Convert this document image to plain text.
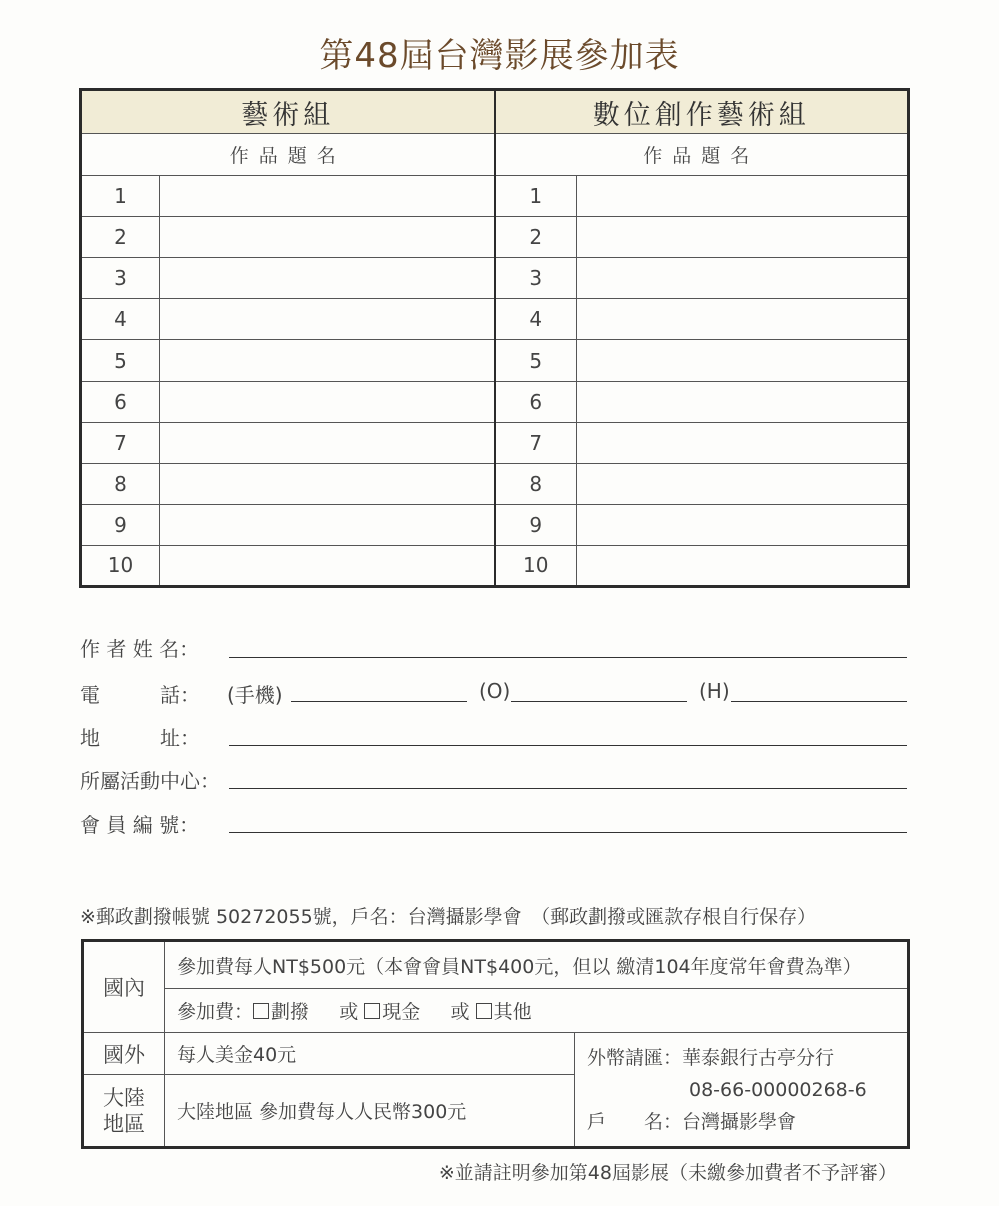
第48屆台灣影展參加表
藝術組		數位創作藝術組	
作品題名		作品題名	
1		1	
2		2	
3		3	
4		4	
5		5	
6		6	
7		7	
8		8	
9		9	
10		10	
作 者 姓 名：
電　　　話： (手機)	(O)	(H)
地　　　址：
所屬活動中心：
會 員 編 號：
※郵政劃撥帳號 50272055號，戶名：台灣攝影學會　（郵政劃撥或匯款存根自行保存）
國內	參加費每人NT$500元（本會會員NT$400元，但以 繳清104年度常年會費為準）	
	參加費： 劃撥 或 現金 或 其他	
國外	每人美金40元	外幣請匯：華泰銀行古亭分行
08-66-00000268-6
戶　　名：台灣攝影學會

大陸
地區	大陸地區 參加費每人人民幣300元	
※並請註明參加第48屆影展（未繳參加費者不予評審）
